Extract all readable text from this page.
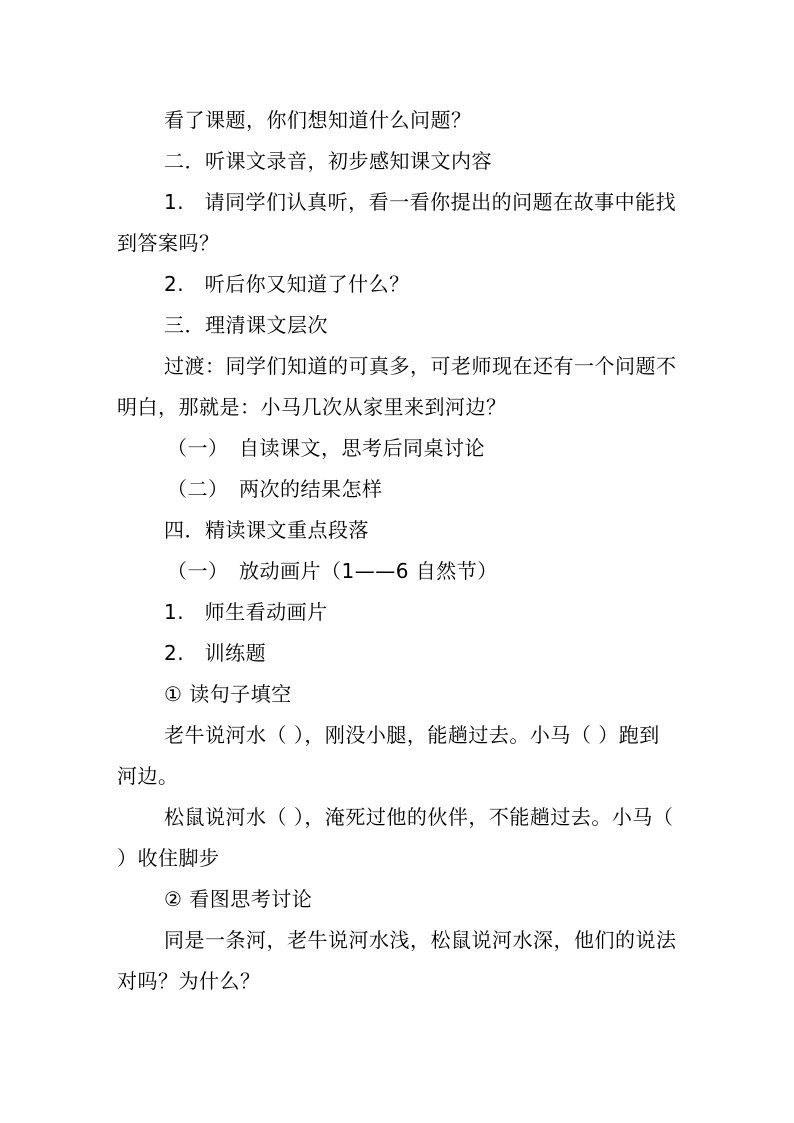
看了课题，你们想知道什么问题？

二．听课文录音，初步感知课文内容

1.　请同学们认真听，看一看你提出的问题在故事中能找到答案吗？

2.　听后你又知道了什么？

三．理清课文层次

过渡：同学们知道的可真多，可老师现在还有一个问题不明白，那就是：小马几次从家里来到河边？

（一）　自读课文，思考后同桌讨论

（二）　两次的结果怎样

四．精读课文重点段落

（一）　放动画片（1——6 自然节）

1.　师生看动画片

2.　训练题

① 读句子填空

老牛说河水（ ），刚没小腿，能趟过去。小马（ ）跑到河边。

松鼠说河水（ ），淹死过他的伙伴，不能趟过去。小马（ ）收住脚步

② 看图思考讨论

同是一条河，老牛说河水浅，松鼠说河水深，他们的说法对吗？为什么？
